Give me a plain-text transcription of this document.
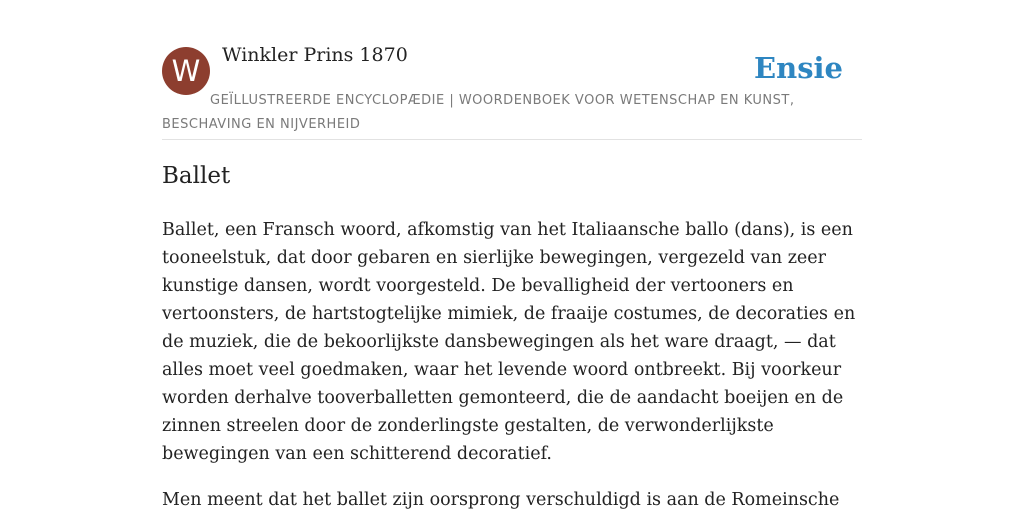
W	Winkler Prins 1870	Ensie
GEÏLLUSTREERDE ENCYCLOPÆDIE | WOORDENBOEK VOOR WETENSCHAP EN KUNST, BESCHAVING EN NIJVERHEID
Ballet

Ballet, een Fransch woord, afkomstig van het Italiaansche ballo (dans), is een tooneelstuk, dat door gebaren en sierlijke bewegingen, vergezeld van zeer kunstige dansen, wordt voorgesteld. De bevalligheid der vertooners en vertoonsters, de hartstogtelijke mimiek, de fraaije costumes, de decoraties en de muziek, die de bekoorlijkste dansbewegingen als het ware draagt, — dat alles moet veel goedmaken, waar het levende woord ontbreekt. Bij voorkeur worden derhalve tooverballetten gemonteerd, die de aandacht boeijen en de zinnen streelen door de zonderlingste gestalten, de verwonderlijkste bewegingen van een schitterend decoratief.

Men meent dat het ballet zijn oorsprong verschuldigd is aan de Romeinsche
